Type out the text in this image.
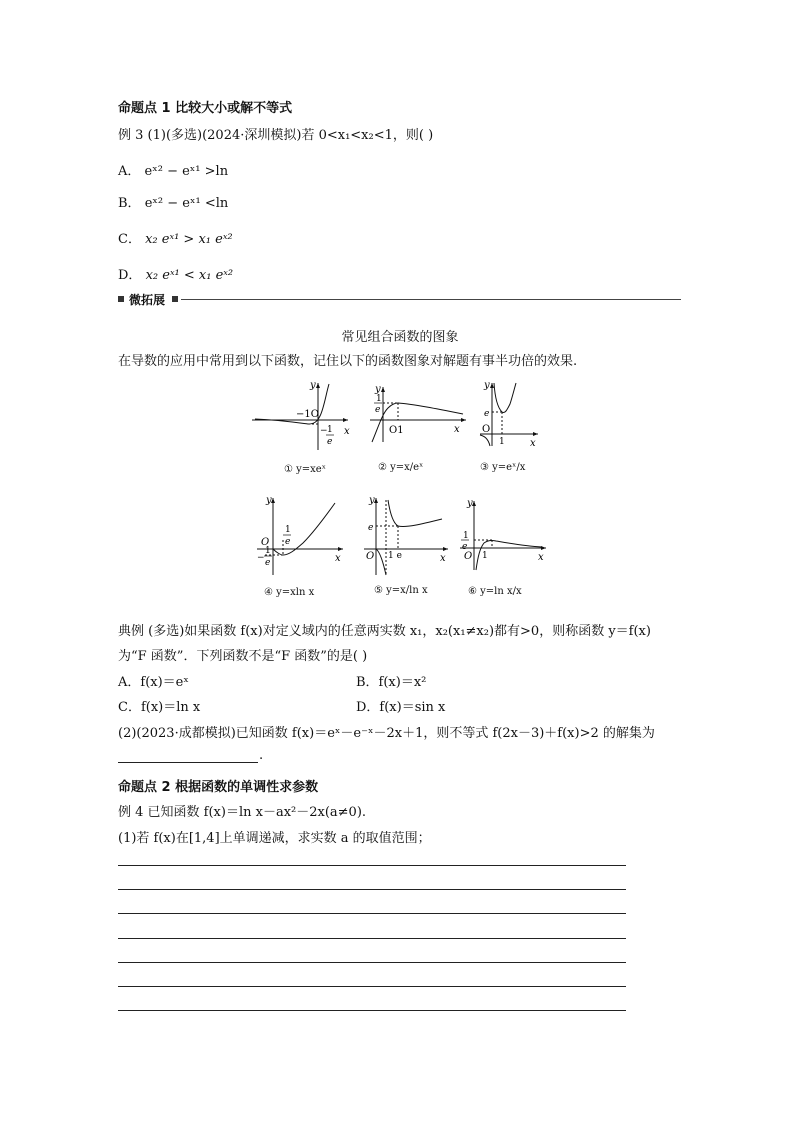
命题点 1 比较大小或解不等式
例 3 (1)(多选)(2024·深圳模拟)若 0<x₁<x₂<1，则( )
A． eˣ² − eˣ¹ >ln
B． eˣ² − eˣ¹ <ln
C． x₂ eˣ¹ > x₁ eˣ²
D． x₂ eˣ¹ < x₁ eˣ²
微拓展
常见组合函数的图象
在导数的应用中常用到以下函数，记住以下的函数图象对解题有事半功倍的效果.
y
x
−1O
− 1
e
① y=xeˣ
y
x
1
e
O1
② y=x/eˣ
y
x
e
O
1
③ y=eˣ/x
y
x
O
1
e
−
1
e
④ y=xln x
y
x
e
O 1 e
⑤ y=x/ln x
y
x
1
e
O 1
⑥ y=ln x/x
典例 (多选)如果函数 f(x)对定义域内的任意两实数 x₁，x₂(x₁≠x₂)都有>0，则称函数 y＝f(x)
为“F 函数”．下列函数不是“F 函数”的是( )
A．f(x)＝eˣ	B．f(x)＝x²
C．f(x)＝ln x	D．f(x)＝sin x
(2)(2023·成都模拟)已知函数 f(x)＝eˣ－e⁻ˣ－2x＋1，则不等式 f(2x－3)＋f(x)>2 的解集为
.
命题点 2 根据函数的单调性求参数
例 4 已知函数 f(x)＝ln x－ax²－2x(a≠0).
(1)若 f(x)在[1,4]上单调递减，求实数 a 的取值范围；
